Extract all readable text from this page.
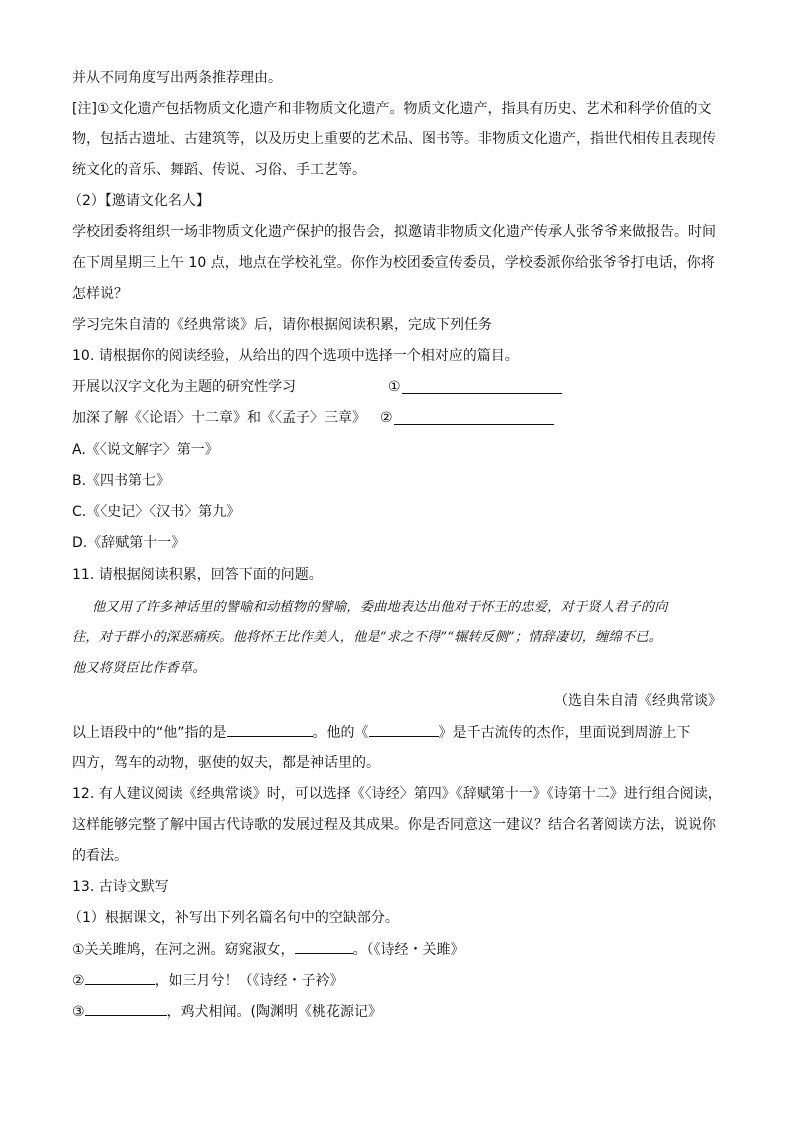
并从不同角度写出两条推荐理由。
[注]①文化遗产包括物质文化遗产和非物质文化遗产。物质文化遗产，指具有历史、艺术和科学价值的文
物，包括古遗址、古建筑等，以及历史上重要的艺术品、图书等。非物质文化遗产，指世代相传且表现传
统文化的音乐、舞蹈、传说、习俗、手工艺等。
（2）【邀请文化名人】
学校团委将组织一场非物质文化遗产保护的报告会，拟邀请非物质文化遗产传承人张爷爷来做报告。时间
在下周星期三上午 10 点，地点在学校礼堂。你作为校团委宣传委员，学校委派你给张爷爷打电话，你将
怎样说？
学习完朱自清的《经典常谈》后，请你根据阅读积累，完成下列任务
10. 请根据你的阅读经验，从给出的四个选项中选择一个相对应的篇目。
开展以汉字文化为主题的研究性学习	①
加深了解《〈论语〉十二章》和《〈孟子〉三章》 ②
A.《〈说文解字〉第一》
B.《四书第七》
C.《〈史记〉〈汉书〉第九》
D.《辞赋第十一》
11. 请根据阅读积累，回答下面的问题。
他又用了许多神话里的譬喻和动植物的譬喻，委曲地表达出他对于怀王的忠爱，对于贤人君子的向
往，对于群小的深恶痛疾。他将怀王比作美人，他是“求之不得”“辗转反侧”；情辞凄切，缠绵不已。
他又将贤臣比作香草。
（选自朱自清《经典常谈》
以上语段中的“他”指的是	。他的《	》是千古流传的杰作，里面说到周游上下
四方，驾车的动物，驱使的奴夫，都是神话里的。
12. 有人建议阅读《经典常谈》时，可以选择《〈诗经〉第四》《辞赋第十一》《诗第十二》进行组合阅读，
这样能够完整了解中国古代诗歌的发展过程及其成果。你是否同意这一建议？结合名著阅读方法，说说你
的看法。
13. 古诗文默写
（1）根据课文，补写出下列名篇名句中的空缺部分。
①关关雎鸠，在河之洲。窈窕淑女，	。（《诗经・关雎》
②	，如三月兮！（《诗经・子衿》
③	，鸡犬相闻。(陶渊明《桃花源记》
